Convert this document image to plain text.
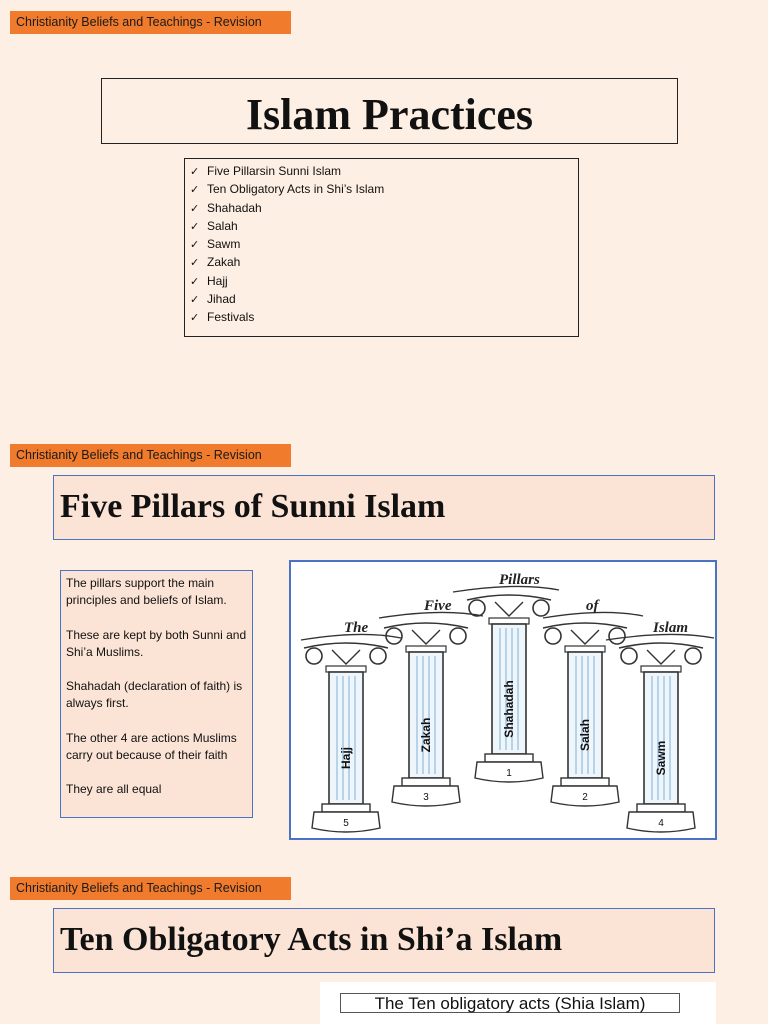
Christianity Beliefs and Teachings - Revision
Islam Practices
✓ Five Pillarsin Sunni Islam
✓ Ten Obligatory Acts in Shi’s Islam
✓ Shahadah
✓ Salah
✓ Sawm
✓ Zakah
✓ Hajj
✓ Jihad
✓ Festivals
Christianity Beliefs and Teachings - Revision
Five Pillars of Sunni Islam

The pillars support the main principles and beliefs of Islam.

These are kept by both Sunni and Shi’a Muslims.

Shahadah (declaration of faith) is always first.

The other 4 are actions Muslims carry out because of their faith

They are all equal

The
Five
Pillars
of
Islam
5
Hajj
3
Zakah
1
Shahadah
2
Salah
4
Sawm
Christianity Beliefs and Teachings - Revision
Ten Obligatory Acts in Shi’a Islam
The Ten obligatory acts (Shia Islam)
